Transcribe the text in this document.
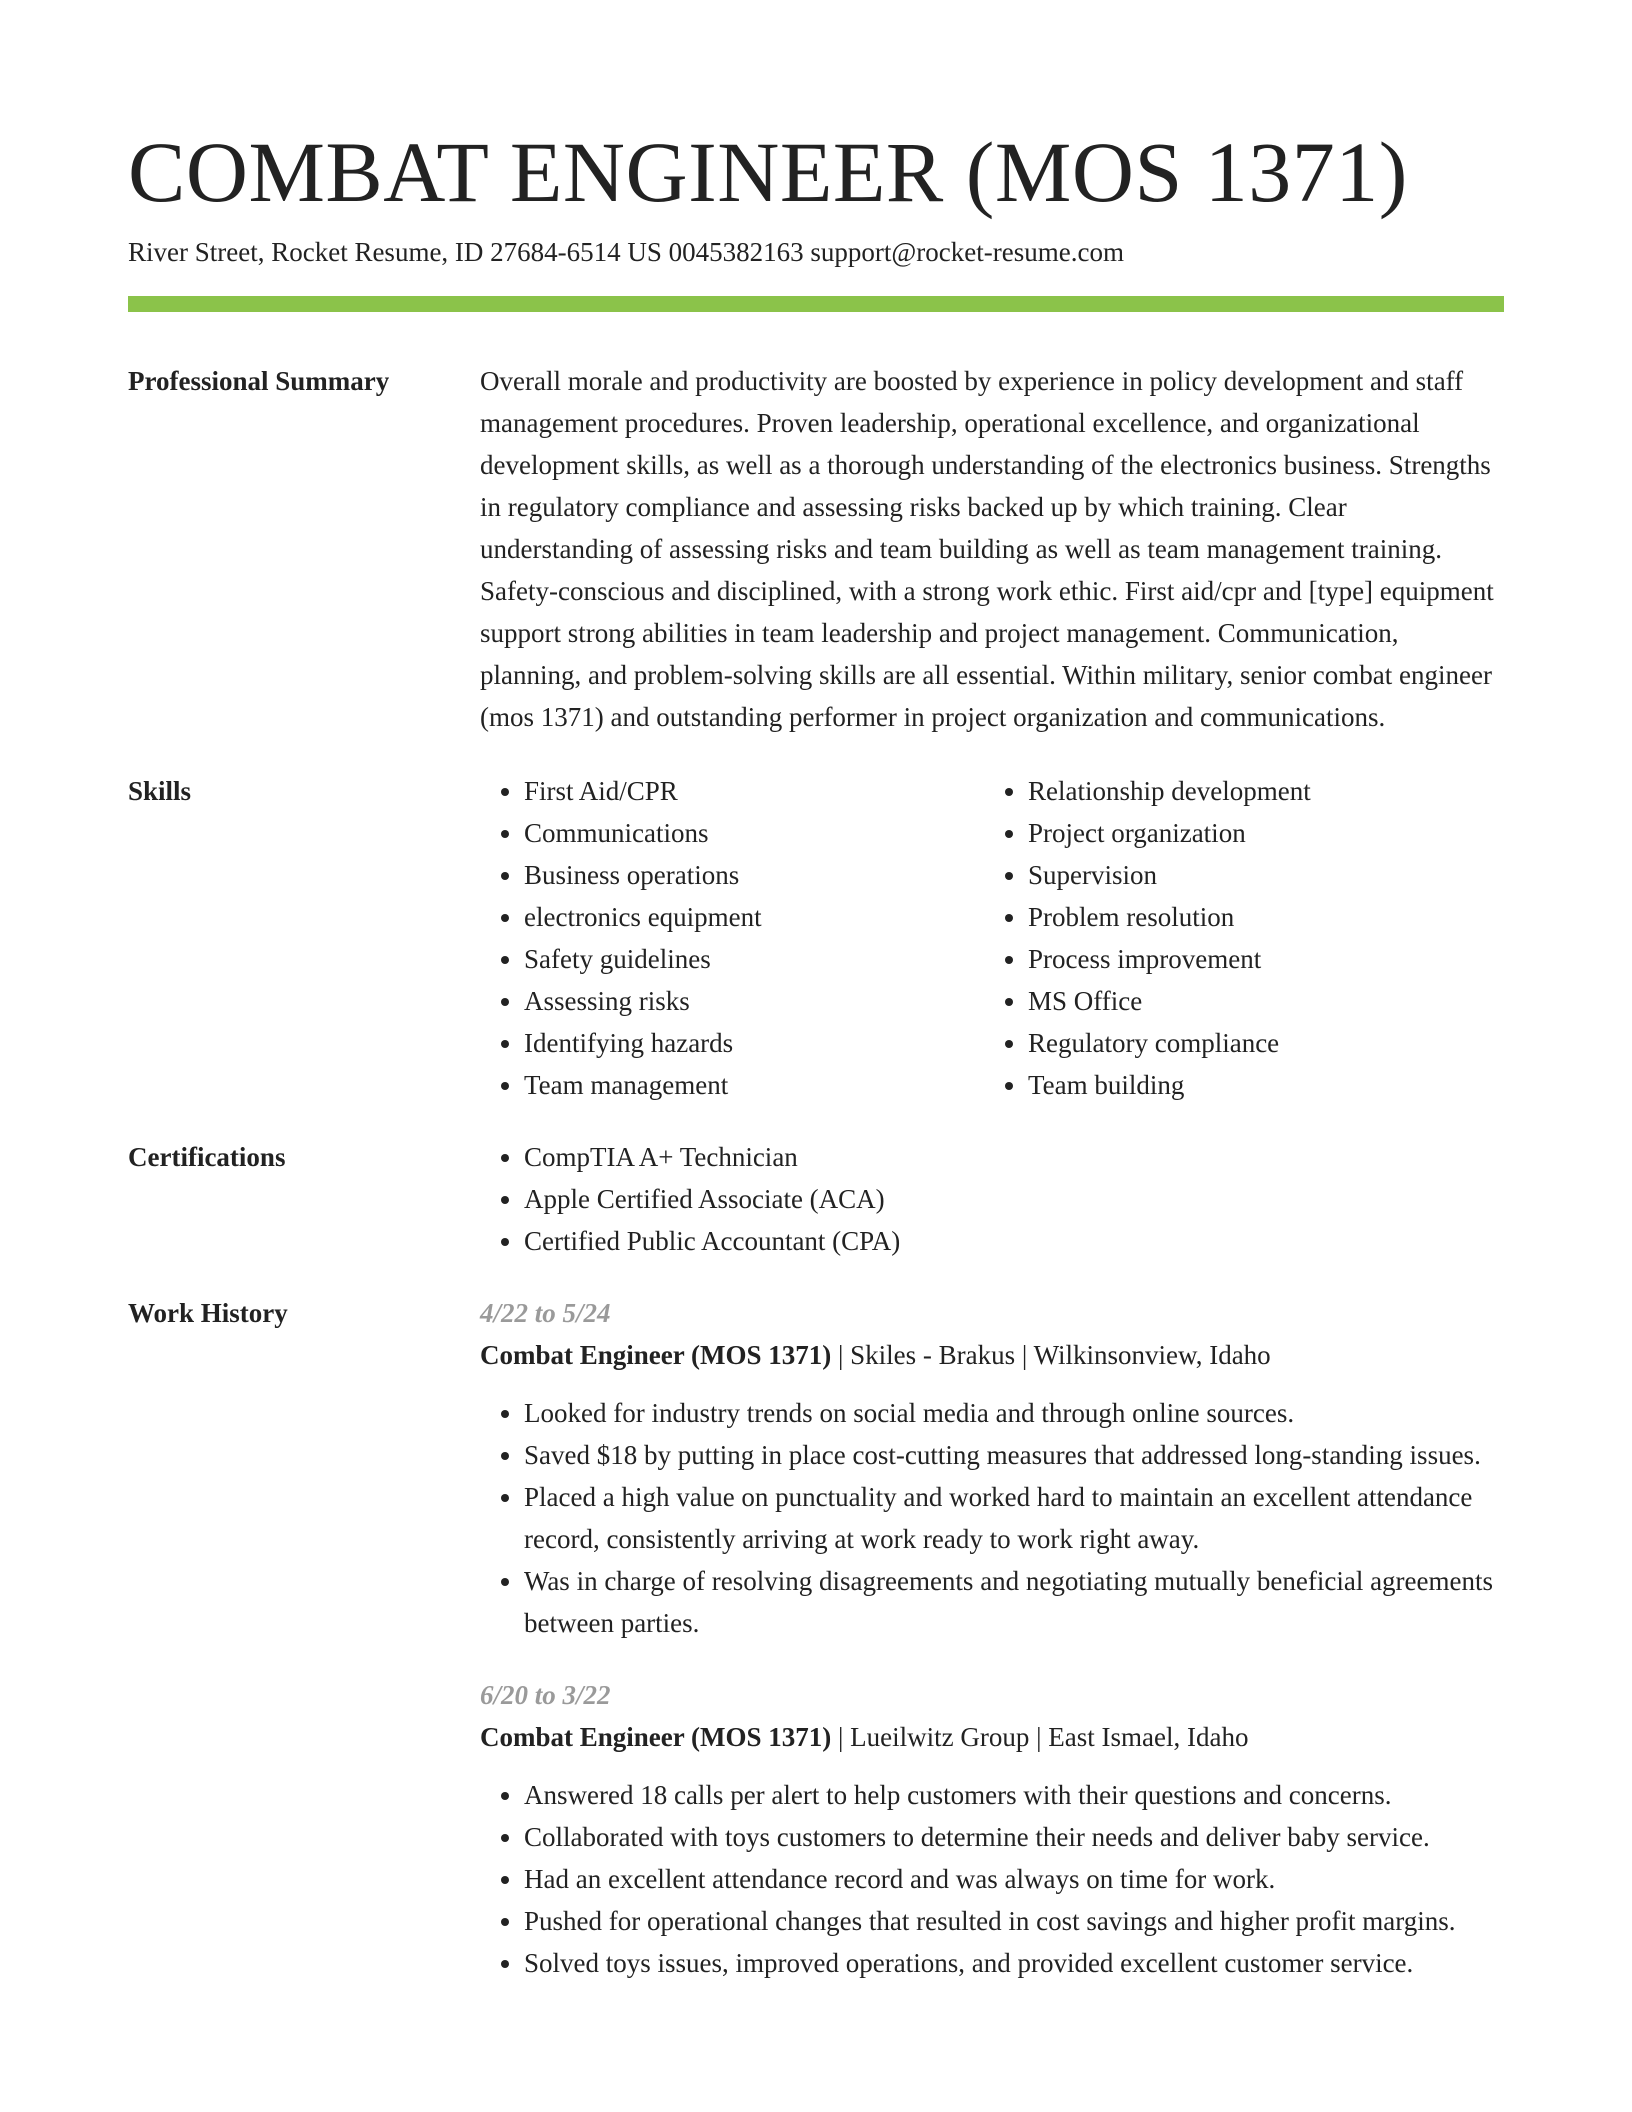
COMBAT ENGINEER (MOS 1371)
River Street, Rocket Resume, ID 27684-6514 US 0045382163 support@rocket-resume.com
Professional Summary	Overall morale and productivity are boosted by experience in policy development and staff management procedures. Proven leadership, operational excellence, and organizational development skills, as well as a thorough understanding of the electronics business. Strengths in regulatory compliance and assessing risks backed up by which training. Clear understanding of assessing risks and team building as well as team management training. Safety-conscious and disciplined, with a strong work ethic. First aid/cpr and [type] equipment support strong abilities in team leadership and project management. Communication, planning, and problem-solving skills are all essential. Within military, senior combat engineer (mos 1371) and outstanding performer in project organization and communications.
Skills	• First Aid/CPR
• Communications
• Business operations
• electronics equipment
• Safety guidelines
• Assessing risks
• Identifying hazards
• Team management
• Relationship development
• Project organization
• Supervision
• Problem resolution
• Process improvement
• MS Office
• Regulatory compliance
• Team building
Certifications	• CompTIA A+ Technician
• Apple Certified Associate (ACA)
• Certified Public Accountant (CPA)
Work History	4/22 to 5/24
Combat Engineer (MOS 1371) | Skiles - Brakus | Wilkinsonview, Idaho
• Looked for industry trends on social media and through online sources.
• Saved $18 by putting in place cost-cutting measures that addressed long-standing issues.
• Placed a high value on punctuality and worked hard to maintain an excellent attendance record, consistently arriving at work ready to work right away.
• Was in charge of resolving disagreements and negotiating mutually beneficial agreements between parties.
6/20 to 3/22
Combat Engineer (MOS 1371) | Lueilwitz Group | East Ismael, Idaho
• Answered 18 calls per alert to help customers with their questions and concerns.
• Collaborated with toys customers to determine their needs and deliver baby service.
• Had an excellent attendance record and was always on time for work.
• Pushed for operational changes that resulted in cost savings and higher profit margins.
• Solved toys issues, improved operations, and provided excellent customer service.
